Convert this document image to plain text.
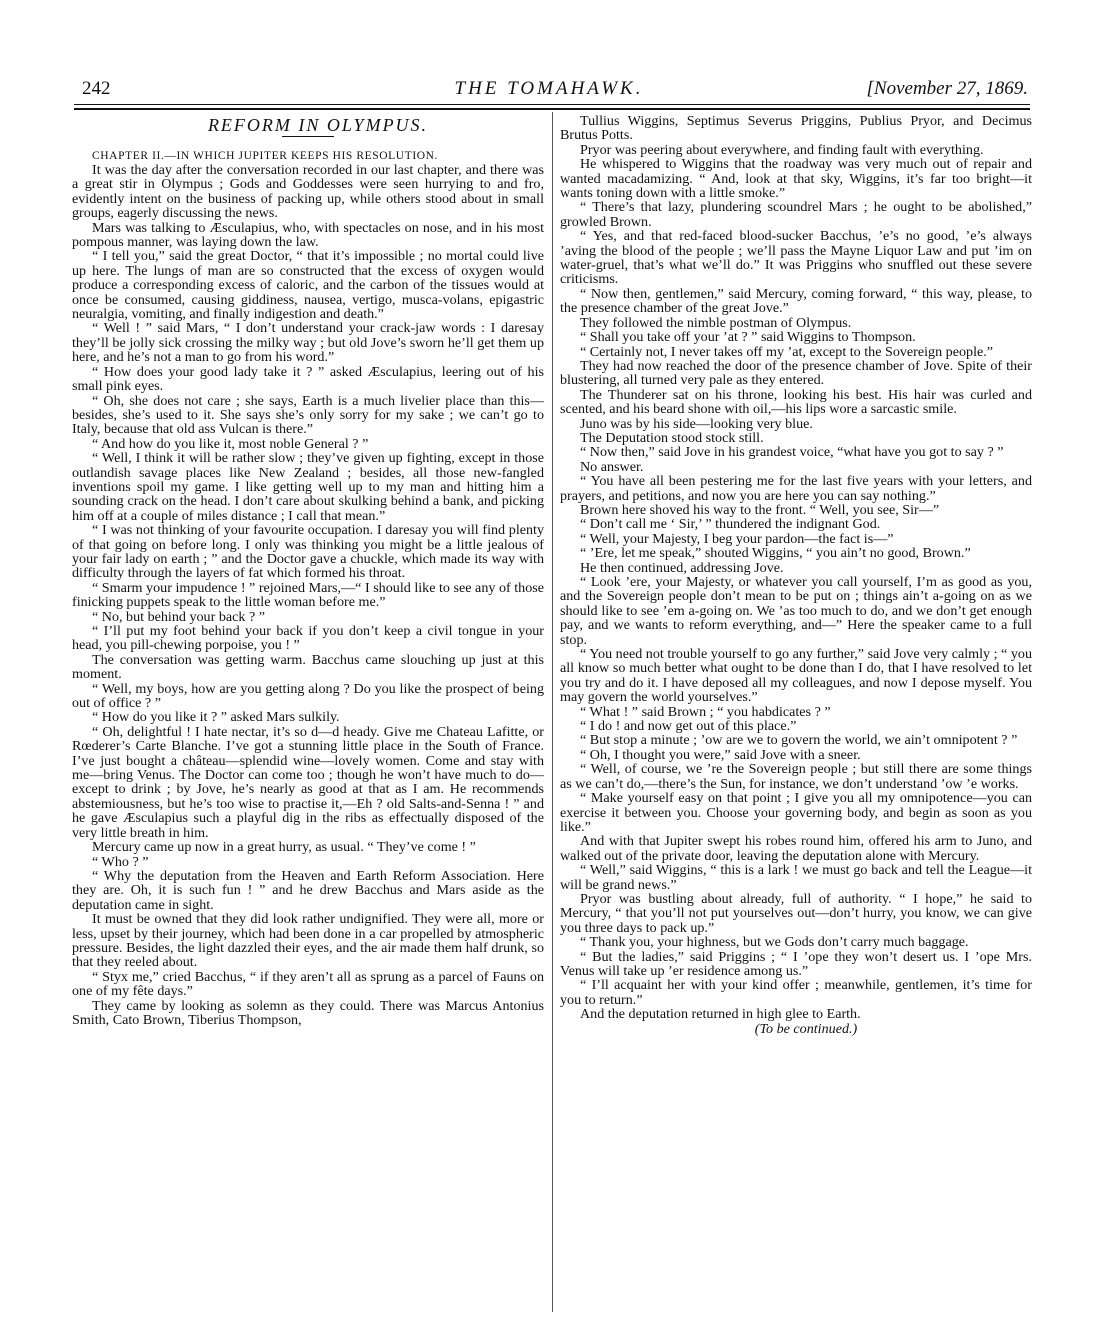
242	THE TOMAHAWK.	[November 27, 1869.

REFORM IN OLYMPUS.

CHAPTER II.—IN WHICH JUPITER KEEPS HIS RESOLUTION.

It was the day after the conversation recorded in our last chapter, and there was a great stir in Olympus ; Gods and Goddesses were seen hurrying to and fro, evidently intent on the business of packing up, while others stood about in small groups, eagerly discussing the news.

Mars was talking to Æsculapius, who, with spectacles on nose, and in his most pompous manner, was laying down the law.

“ I tell you,” said the great Doctor, “ that it’s impossible ; no mortal could live up here. The lungs of man are so constructed that the excess of oxygen would produce a corresponding excess of caloric, and the carbon of the tissues would at once be consumed, causing giddiness, nausea, vertigo, musca-volans, epigastric neuralgia, vomiting, and finally indigestion and death.”

“ Well ! ” said Mars, “ I don’t understand your crack-jaw words : I daresay they’ll be jolly sick crossing the milky way ; but old Jove’s sworn he’ll get them up here, and he’s not a man to go from his word.”

“ How does your good lady take it ? ” asked Æsculapius, leering out of his small pink eyes.

“ Oh, she does not care ; she says, Earth is a much livelier place than this—besides, she’s used to it. She says she’s only sorry for my sake ; we can’t go to Italy, because that old ass Vulcan is there.”

“ And how do you like it, most noble General ? ”

“ Well, I think it will be rather slow ; they’ve given up fighting, except in those outlandish savage places like New Zealand ; besides, all those new-fangled inventions spoil my game. I like getting well up to my man and hitting him a sounding crack on the head. I don’t care about skulking behind a bank, and picking him off at a couple of miles distance ; I call that mean.”

“ I was not thinking of your favourite occupation. I daresay you will find plenty of that going on before long. I only was thinking you might be a little jealous of your fair lady on earth ; ” and the Doctor gave a chuckle, which made its way with difficulty through the layers of fat which formed his throat.

“ Smarm your impudence ! ” rejoined Mars,—“ I should like to see any of those finicking puppets speak to the little woman before me.”

“ No, but behind your back ? ”

“ I’ll put my foot behind your back if you don’t keep a civil tongue in your head, you pill-chewing porpoise, you ! ”

The conversation was getting warm. Bacchus came slouching up just at this moment.

“ Well, my boys, how are you getting along ? Do you like the prospect of being out of office ? ”

“ How do you like it ? ” asked Mars sulkily.

“ Oh, delightful ! I hate nectar, it’s so d—d heady. Give me Chateau Lafitte, or Rœderer’s Carte Blanche. I’ve got a stunning little place in the South of France. I’ve just bought a château—splendid wine—lovely women. Come and stay with me—bring Venus. The Doctor can come too ; though he won’t have much to do—except to drink ; by Jove, he’s nearly as good at that as I am. He recommends abstemiousness, but he’s too wise to practise it,—Eh ? old Salts-and-Senna ! ” and he gave Æsculapius such a playful dig in the ribs as effectually disposed of the very little breath in him.

Mercury came up now in a great hurry, as usual. “ They’ve come ! ”

“ Who ? ”

“ Why the deputation from the Heaven and Earth Reform Association. Here they are. Oh, it is such fun ! ” and he drew Bacchus and Mars aside as the deputation came in sight.

It must be owned that they did look rather undignified. They were all, more or less, upset by their journey, which had been done in a car propelled by atmospheric pressure. Besides, the light dazzled their eyes, and the air made them half drunk, so that they reeled about.

“ Styx me,” cried Bacchus, “ if they aren’t all as sprung as a parcel of Fauns on one of my fête days.”

They came by looking as solemn as they could. There was Marcus Antonius Smith, Cato Brown, Tiberius Thompson,

Tullius Wiggins, Septimus Severus Priggins, Publius Pryor, and Decimus Brutus Potts.

Pryor was peering about everywhere, and finding fault with everything.

He whispered to Wiggins that the roadway was very much out of repair and wanted macadamizing. “ And, look at that sky, Wiggins, it’s far too bright—it wants toning down with a little smoke.”

“ There’s that lazy, plundering scoundrel Mars ; he ought to be abolished,” growled Brown.

“ Yes, and that red-faced blood-sucker Bacchus, ’e’s no good, ’e’s always ’aving the blood of the people ; we’ll pass the Mayne Liquor Law and put ’im on water-gruel, that’s what we’ll do.” It was Priggins who snuffled out these severe criticisms.

“ Now then, gentlemen,” said Mercury, coming forward, “ this way, please, to the presence chamber of the great Jove.”

They followed the nimble postman of Olympus.

“ Shall you take off your ’at ? ” said Wiggins to Thompson.

“ Certainly not, I never takes off my ’at, except to the Sovereign people.”

They had now reached the door of the presence chamber of Jove. Spite of their blustering, all turned very pale as they entered.

The Thunderer sat on his throne, looking his best. His hair was curled and scented, and his beard shone with oil,—his lips wore a sarcastic smile.

Juno was by his side—looking very blue.

The Deputation stood stock still.

“ Now then,” said Jove in his grandest voice, “what have you got to say ? ”

No answer.

“ You have all been pestering me for the last five years with your letters, and prayers, and petitions, and now you are here you can say nothing.”

Brown here shoved his way to the front. “ Well, you see, Sir—”

“ Don’t call me ‘ Sir,’ ” thundered the indignant God.

“ Well, your Majesty, I beg your pardon—the fact is—”

“ ’Ere, let me speak,” shouted Wiggins, “ you ain’t no good, Brown.”

He then continued, addressing Jove.

“ Look ’ere, your Majesty, or whatever you call yourself, I’m as good as you, and the Sovereign people don’t mean to be put on ; things ain’t a-going on as we should like to see ’em a-going on. We ’as too much to do, and we don’t get enough pay, and we wants to reform everything, and—” Here the speaker came to a full stop.

“ You need not trouble yourself to go any further,” said Jove very calmly ; “ you all know so much better what ought to be done than I do, that I have resolved to let you try and do it. I have deposed all my colleagues, and now I depose myself. You may govern the world yourselves.”

“ What ! ” said Brown ; “ you habdicates ? ”

“ I do ! and now get out of this place.”

“ But stop a minute ; ’ow are we to govern the world, we ain’t omnipotent ? ”

“ Oh, I thought you were,” said Jove with a sneer.

“ Well, of course, we ’re the Sovereign people ; but still there are some things as we can’t do,—there’s the Sun, for instance, we don’t understand ’ow ’e works.

“ Make yourself easy on that point ; I give you all my omnipotence—you can exercise it between you. Choose your governing body, and begin as soon as you like.”

And with that Jupiter swept his robes round him, offered his arm to Juno, and walked out of the private door, leaving the deputation alone with Mercury.

“ Well,” said Wiggins, “ this is a lark ! we must go back and tell the League—it will be grand news.”

Pryor was bustling about already, full of authority. “ I hope,” he said to Mercury, “ that you’ll not put yourselves out—don’t hurry, you know, we can give you three days to pack up.”

“ Thank you, your highness, but we Gods don’t carry much baggage.

“ But the ladies,” said Priggins ; “ I ’ope they won’t desert us. I ’ope Mrs. Venus will take up ’er residence among us.”

“ I’ll acquaint her with your kind offer ; meanwhile, gentlemen, it’s time for you to return.”

And the deputation returned in high glee to Earth.

(To be continued.)
